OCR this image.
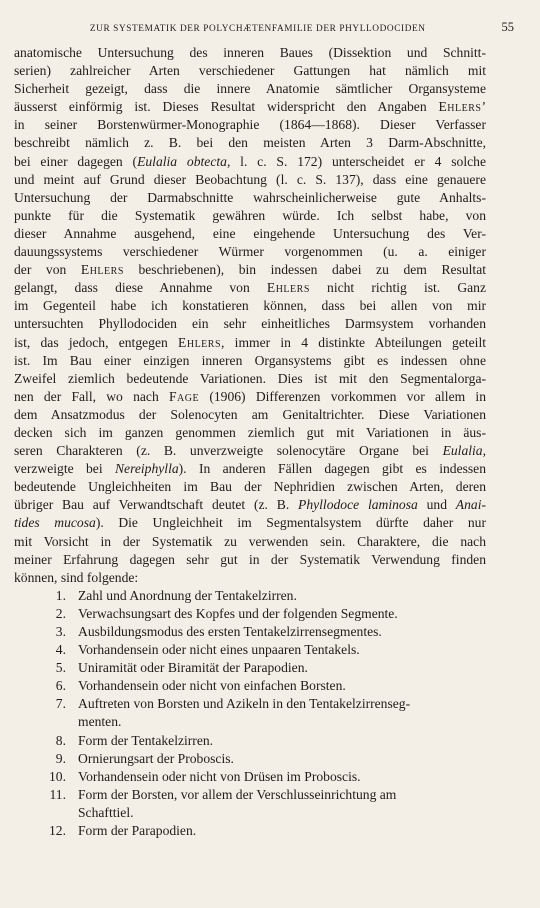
ZUR SYSTEMATIK DER POLYCHÆTENFAMILIE DER PHYLLODOCIDEN	55

anatomische Untersuchung des inneren Baues (Dissektion und Schnitt-
serien) zahlreicher Arten verschiedener Gattungen hat nämlich mit
Sicherheit gezeigt, dass die innere Anatomie sämtlicher Organsysteme
äusserst einförmig ist. Dieses Resultat widerspricht den Angaben Ehlers’
in seiner Borstenwürmer-Monographie (1864—1868). Dieser Verfasser
beschreibt nämlich z. B. bei den meisten Arten 3 Darm-Abschnitte,
bei einer dagegen (Eulalia obtecta, l. c. S. 172) unterscheidet er 4 solche
und meint auf Grund dieser Beobachtung (l. c. S. 137), dass eine genauere
Untersuchung der Darmabschnitte wahrscheinlicherweise gute Anhalts-
punkte für die Systematik gewähren würde. Ich selbst habe, von
dieser Annahme ausgehend, eine eingehende Untersuchung des Ver-
dauungssystems verschiedener Würmer vorgenommen (u. a. einiger
der von Ehlers beschriebenen), bin indessen dabei zu dem Resultat
gelangt, dass diese Annahme von Ehlers nicht richtig ist. Ganz
im Gegenteil habe ich konstatieren können, dass bei allen von mir
untersuchten Phyllodociden ein sehr einheitliches Darmsystem vorhanden
ist, das jedoch, entgegen Ehlers, immer in 4 distinkte Abteilungen geteilt
ist. Im Bau einer einzigen inneren Organsystems gibt es indessen ohne
Zweifel ziemlich bedeutende Variationen. Dies ist mit den Segmentalorga-
nen der Fall, wo nach Fage (1906) Differenzen vorkommen vor allem in
dem Ansatzmodus der Solenocyten am Genitaltrichter. Diese Variationen
decken sich im ganzen genommen ziemlich gut mit Variationen in äus-
seren Charakteren (z. B. unverzweigte solenocytäre Organe bei Eulalia,
verzweigte bei Nereiphylla). In anderen Fällen dagegen gibt es indessen
bedeutende Ungleichheiten im Bau der Nephridien zwischen Arten, deren
übriger Bau auf Verwandtschaft deutet (z. B. Phyllodoce laminosa und Anai-
tides mucosa). Die Ungleichheit im Segmentalsystem dürfte daher nur
mit Vorsicht in der Systematik zu verwenden sein. Charaktere, die nach
meiner Erfahrung dagegen sehr gut in der Systematik Verwendung finden
können, sind folgende:

1. Zahl und Anordnung der Tentakelzirren.
2. Verwachsungsart des Kopfes und der folgenden Segmente.
3. Ausbildungsmodus des ersten Tentakelzirrensegmentes.
4. Vorhandensein oder nicht eines unpaaren Tentakels.
5. Uniramität oder Biramität der Parapodien.
6. Vorhandensein oder nicht von einfachen Borsten.
7. Auftreten von Borsten und Azikeln in den Tentakelzirrenseg-
menten.
8. Form der Tentakelzirren.
9. Ornierungsart der Proboscis.
10. Vorhandensein oder nicht von Drüsen im Proboscis.
11. Form der Borsten, vor allem der Verschlusseinrichtung am
Schafttiel.
12. Form der Parapodien.
